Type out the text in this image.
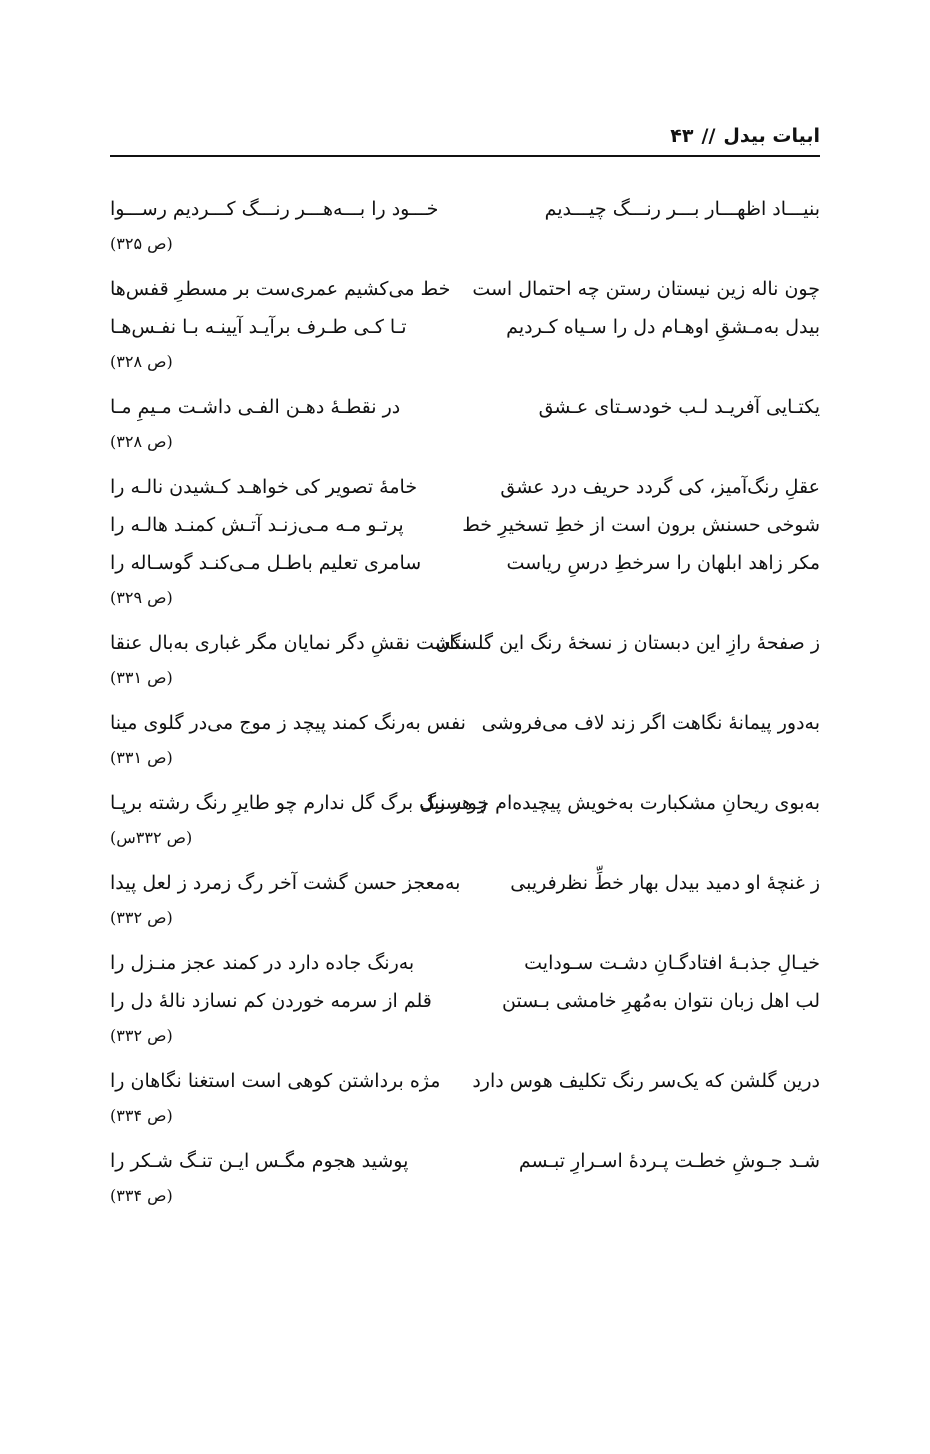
ابیات بیدل
//
۴۳
بنیـــاد اظهـــار بـــر رنـــگ چیـــدیم
خـــود را بـــه‌هـــر رنـــگ کـــردیم رســـوا
(ص ۳۲۵)
چون ناله زین نیستان رستن چه احتمال است
خط می‌کشیم عمری‌ست بر مسطرِ قفس‌ها
بیدل به‌مـشقِ اوهـام دل را سـیاه کـردیم
تـا کـی طـرف برآیـد آیینـه بـا نفـس‌هـا
(ص ۳۲۸)
یکتـایی آفریـد لـب خودسـتای عـشق
در نقطـۀ دهـن الفـی داشـت مـیمِ مـا
(ص ۳۲۸)
عقلِ رنگ‌آمیز، کی گردد حریف درد عشق
خامۀ تصویر کی خواهـد کـشیدن نالـه را
شوخی حسنش برون است از خطِ تسخیرِ خط
پرتـو مـه مـی‌زنـد آتـش کمنـد هالـه را
مکر زاهد ابلهان را سرخطِ درسِ ریاست
سامری تعلیم باطـل مـی‌کنـد گوسـاله را
(ص ۳۲۹)
ز صفحۀ رازِ این دبستان ز نسخۀ رنگ این گلستان
نگشت نقشِ دگر نمایان مگر غباری به‌بال عنقا
(ص ۳۳۱)
به‌دور پیمانۀ نگاهت اگر زند لاف می‌فروشی
نفس به‌رنگ کمند پیچد ز موج می‌در گلوی مینا
(ص ۳۳۱)
به‌بوی ریحانِ مشکبارت به‌خویش پیچیده‌ام چو سنبل
ز هر رگ برگ گل ندارم چو طایرِ رنگ رشته برپـا
(ص ۳۳۲س)
ز غنچۀ او دمید بیدل بهار خطِّ نظرفریبی
به‌معجز حسن گشت آخر رگ زمرد ز لعل پیدا
(ص ۳۳۲)
خیـالِ جذبـۀ افتادگـانِ دشـت سـودایت
به‌رنگ جاده دارد در کمند عجز منـزل را
لب اهل زبان نتوان به‌مُهرِ خامشی بـستن
قلم از سرمه خوردن کم نسازد نالۀ دل را
(ص ۳۳۲)
درین گلشن که یک‌سر رنگ تکلیف هوس دارد
مژه برداشتن کوهی است استغنا نگاهان را
(ص ۳۳۴)
شـد جـوشِ خطـت پـردۀ اسـرارِ تبـسم
پوشید هجوم مگـس ایـن تنـگ شـکر را
(ص ۳۳۴)
